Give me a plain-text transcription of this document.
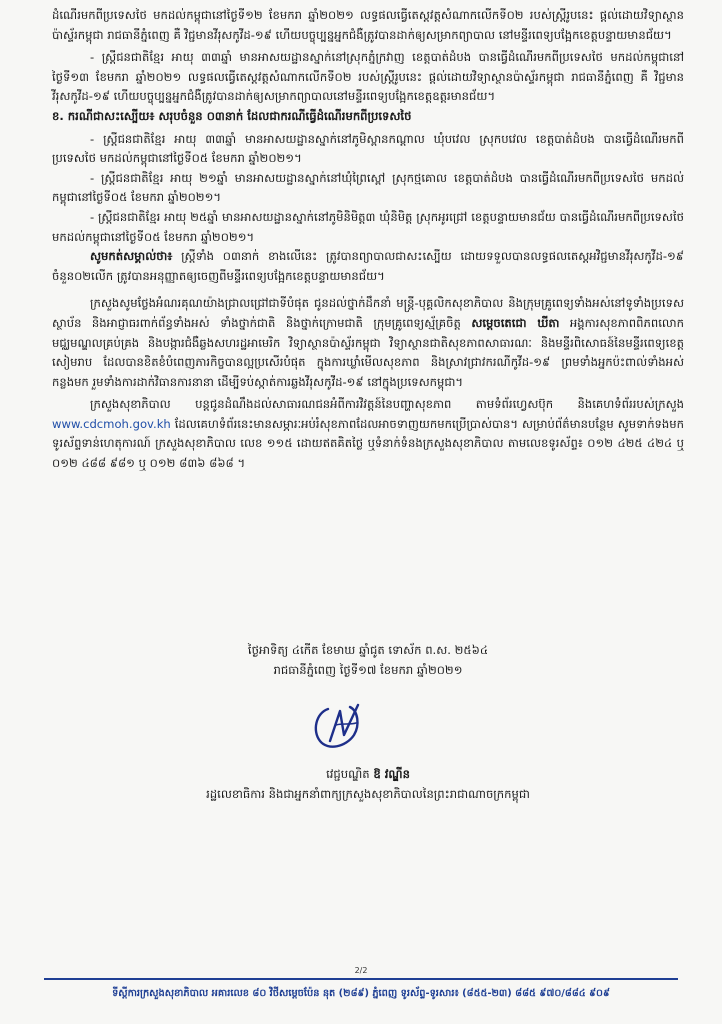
ដំណើរមកពីប្រទេសថៃ មកដល់កម្ពុជានៅថ្ងៃទី១២ ខែមករា ឆ្នាំ២០២១ លទ្ធផលធ្វើតេស្តវត្តសំណាកលើកទី០២ របស់ស្ត្រីរូបនេះ ផ្ដល់ដោយវិទ្យាស្ថានប៉ាស្ទ័រកម្ពុជា រាជធានីភ្នំពេញ គឺ វិជ្ជមានវីរុសកូវីដ-១៩ ហើយបច្ចុប្បន្នអ្នកជំងឺត្រូវបានដាក់ឲ្យសម្រាកព្យាបាល នៅមន្ទីរពេទ្យបង្អែកខេត្តបន្ទាយមានជ័យ។

- ស្ត្រីជនជាតិខ្មែរ អាយុ ៣៣ឆ្នាំ មានអាសយដ្ឋានស្នាក់នៅស្រុកភ្នំក្រវាញ ខេត្តបាត់ដំបង បានធ្វើដំណើរមកពីប្រទេសថៃ មកដល់កម្ពុជានៅថ្ងៃទី១៣ ខែមករា ឆ្នាំ២០២១ លទ្ធផលធ្វើតេស្តវត្តសំណាកលើកទី០២ របស់ស្ត្រីរូបនេះ ផ្ដល់ដោយវិទ្យាស្ថានប៉ាស្ទ័រកម្ពុជា រាជធានីភ្នំពេញ គឺ វិជ្ជមានវីរុសកូវីដ-១៩ ហើយបច្ចុប្បន្នអ្នកជំងឺត្រូវបានដាក់ឲ្យសម្រាកព្យាបាលនៅមន្ទីរពេទ្យបង្អែកខេត្តឧត្តរមានជ័យ។

ខ. ករណីជាសះស្បើយ៖ សរុបចំនួន ០៣នាក់ ដែលជាករណីធ្វើដំណើរមកពីប្រទេសថៃ

- ស្ត្រីជនជាតិខ្មែរ អាយុ ៣៣ឆ្នាំ មានអាសយដ្ឋានស្នាក់នៅភូមិស្ពានកណ្តាល ឃុំបវេល ស្រុកបវេល ខេត្តបាត់ដំបង បានធ្វើដំណើរមកពីប្រទេសថៃ មកដល់កម្ពុជានៅថ្ងៃទី០៥ ខែមករា ឆ្នាំ២០២១។

- ស្ត្រីជនជាតិខ្មែរ អាយុ ២១ឆ្នាំ មានអាសយដ្ឋានស្នាក់នៅឃុំព្រៃស្ពៅ ស្រុកថ្មគោល ខេត្តបាត់ដំបង បានធ្វើដំណើរមកពីប្រទេសថៃ មកដល់កម្ពុជានៅថ្ងៃទី០៥ ខែមករា ឆ្នាំ២០២១។

- ស្ត្រីជនជាតិខ្មែរ អាយុ ២៥ឆ្នាំ មានអាសយដ្ឋានស្នាក់នៅភូមិនិមិត្ត៣ ឃុំនិមិត្ត ស្រុកអូរជ្រៅ ខេត្តបន្ទាយមានជ័យ បានធ្វើដំណើរមកពីប្រទេសថៃ មកដល់កម្ពុជានៅថ្ងៃទី០៥ ខែមករា ឆ្នាំ២០២១។

សូមកត់សម្គាល់ថា៖ ស្ត្រីទាំង ០៣នាក់ ខាងលើនេះ ត្រូវបានព្យាបាលជាសះស្បើយ ដោយទទួលបានលទ្ធផលតេស្តអវិជ្ជមានវីរុសកូវីដ-១៩ ចំនួន០២លើក ត្រូវបានអនុញ្ញាតឲ្យចេញពីមន្ទីរពេទ្យបង្អែកខេត្តបន្ទាយមានជ័យ។

ក្រសួងសូមថ្លែងអំណរគុណយ៉ាងជ្រាលជ្រៅជាទីបំផុត ជូនដល់ថ្នាក់ដឹកនាំ មន្ត្រី-បុគ្គលិកសុខាភិបាល និងក្រុមគ្រូពេទ្យទាំងអស់នៅទូទាំងប្រទេស ស្ថាប័ន និងអាជ្ញាធរពាក់ព័ន្ធទាំងអស់ ទាំងថ្នាក់ជាតិ និងថ្នាក់ក្រោមជាតិ ក្រុមគ្រូពេទ្យស្ម័គ្រចិត្ត សម្តេចតេជោ ឃីតា អង្គការសុខភាពពិភពលោក មជ្ឈមណ្ឌលគ្រប់គ្រង និងបង្ការជំងឺឆ្លងសហរដ្ឋអាមេរិក វិទ្យាស្ថានប៉ាស្ទ័រកម្ពុជា វិទ្យាស្ថានជាតិសុខភាពសាធារណៈ និងមន្ទីរពិសោធន៍នៃមន្ទីរពេទ្យខេត្តសៀមរាប ដែលបានខិតខំបំពេញភារកិច្ចបានល្អប្រសើរបំផុត ក្នុងការឃ្លាំមើលសុខភាព និងស្រាវជ្រាវករណីកូវីដ-១៩ ព្រមទាំងអ្នកប៉ះពាល់ទាំងអស់កន្លងមក រួមទាំងការដាក់វិធានការនានា ដើម្បីទប់ស្កាត់ការឆ្លងវីរុសកូវីដ-១៩ នៅក្នុងប្រទេសកម្ពុជា។

ក្រសួងសុខាភិបាល បន្តជូនដំណឹងដល់សាធារណជនអំពីការវិវត្តន៍នៃបញ្ហាសុខភាព តាមទំព័រហ្វេសប៊ុក និងគេហទំព័ររបស់ក្រសួង www.cdcmoh.gov.kh ដែលគេហទំព័រនេះមានសម្ភារៈអប់រំសុខភាពដែលអាចទាញយកមកប្រើប្រាស់បាន។ សម្រាប់ព័ត៌មានបន្ថែម សូមទាក់ទងមកទូរស័ព្ទទាន់ហេតុការណ៍ ក្រសួងសុខាភិបាល លេខ ១១៥ ដោយឥតគិតថ្លៃ ឬទំនាក់ទំនងក្រសួងសុខាភិបាល តាមលេខទូរស័ព្ទ៖ ០១២ ៤២៥ ៤២៤ ឬ ០១២ ៤៨៨ ៩៨១ ឬ ០១២ ៨៣៦ ៨៦៨ ។

ថ្ងៃអាទិត្យ ៤កើត ខែមាឃ ឆ្នាំជូត ទោស័ក ព.ស. ២៥៦៤
រាជធានីភ្នំពេញ ថ្ងៃទី១៧ ខែមករា ឆ្នាំ២០២១
វេជ្ជបណ្ឌិត ឱ វណ្ឌីន
រដ្ឋលេខាធិការ និងជាអ្នកនាំពាក្យក្រសួងសុខាភិបាលនៃព្រះរាជាណាចក្រកម្ពុជា
2/2
ទីស្តីការក្រសួងសុខាភិបាល អគារលេខ ៨០ វិថីសម្តេចប៉ែន នុត (២៨៩) ភ្នំពេញ ទូរស័ព្ទ-ទូរសារ៖ (៨៥៥-២៣) ៨៨៥ ៩៧០/៨៨៤ ៩០៩
